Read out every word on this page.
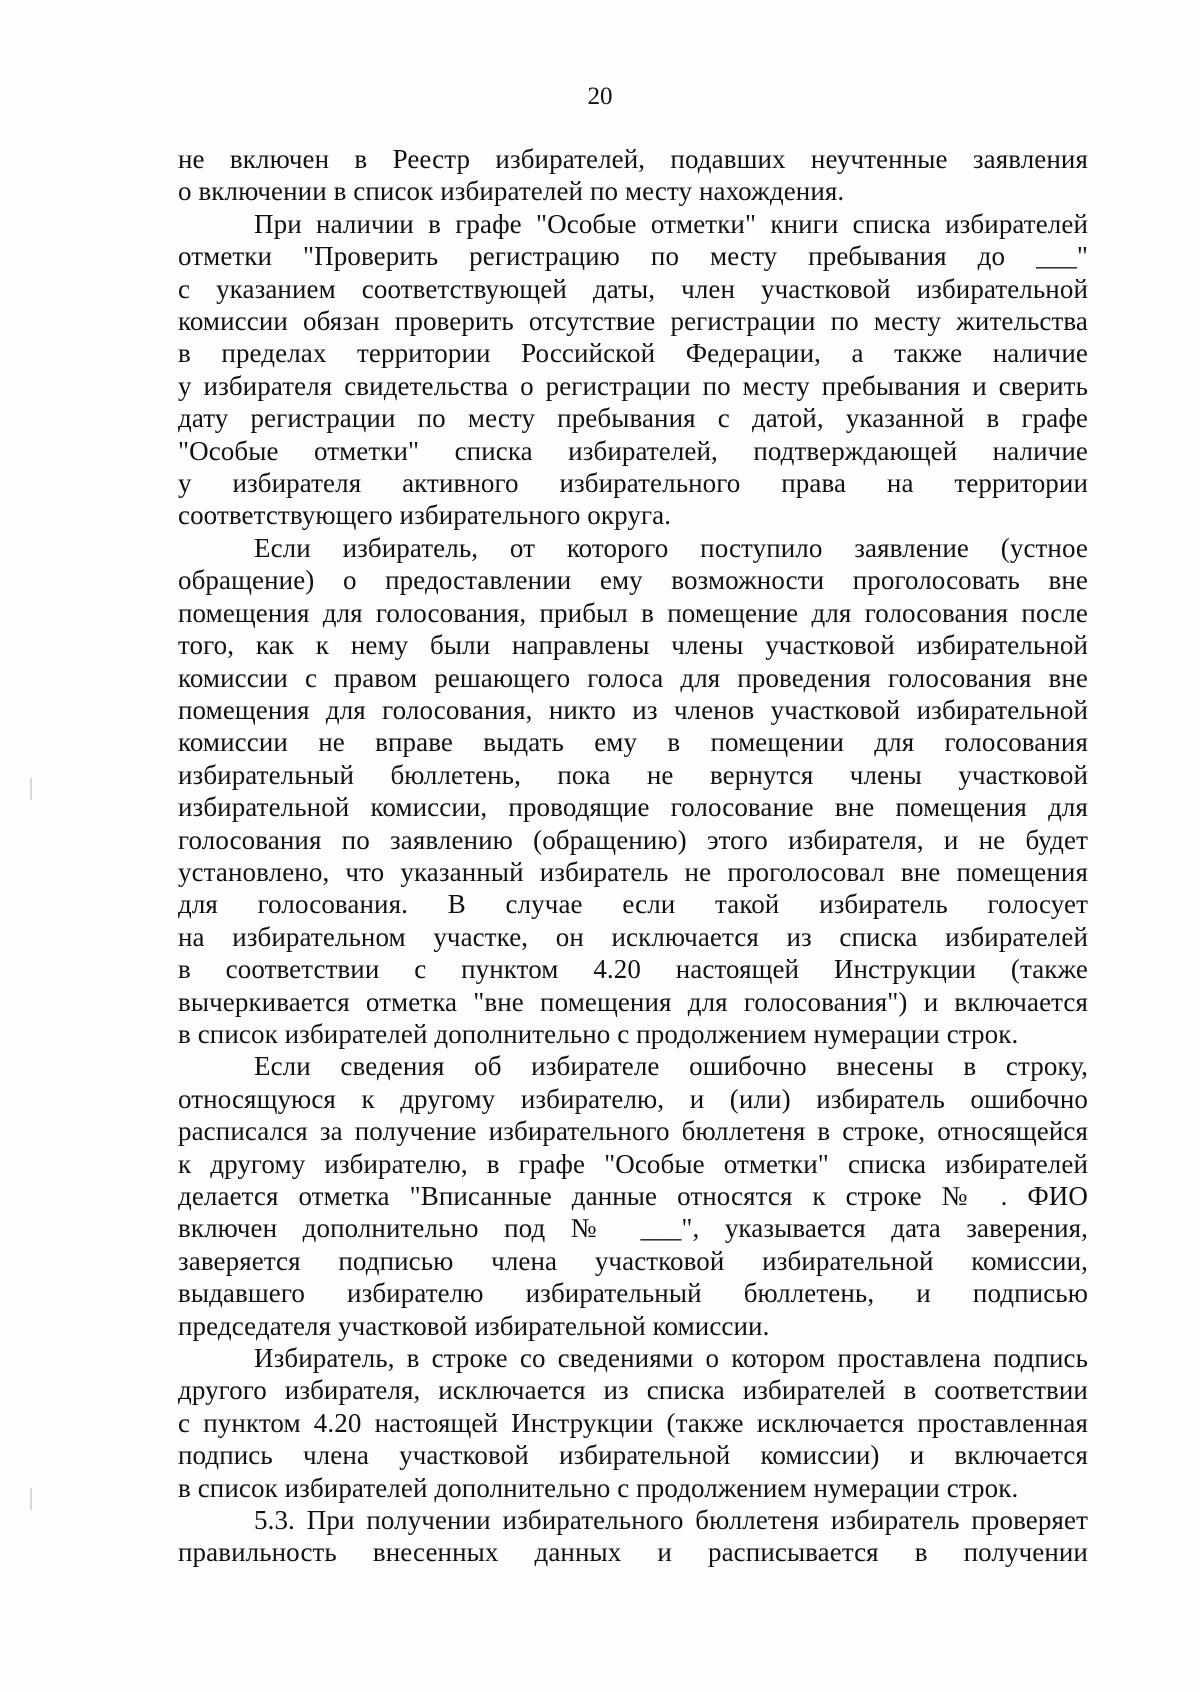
20

не включен в Реестр избирателей, подавших неучтенные заявления
о включении в список избирателей по месту нахождения.

При наличии в графе "Особые отметки" книги списка избирателей
отметки "Проверить регистрацию по месту пребывания до ___"
с указанием соответствующей даты, член участковой избирательной
комиссии обязан проверить отсутствие регистрации по месту жительства
в пределах территории Российской Федерации, а также наличие
у избирателя свидетельства о регистрации по месту пребывания и сверить
дату регистрации по месту пребывания с датой, указанной в графе
"Особые отметки" списка избирателей, подтверждающей наличие
у избирателя активного избирательного права на территории
соответствующего избирательного округа.

Если избиратель, от которого поступило заявление (устное
обращение) о предоставлении ему возможности проголосовать вне
помещения для голосования, прибыл в помещение для голосования после
того, как к нему были направлены члены участковой избирательной
комиссии с правом решающего голоса для проведения голосования вне
помещения для голосования, никто из членов участковой избирательной
комиссии не вправе выдать ему в помещении для голосования
избирательный бюллетень, пока не вернутся члены участковой
избирательной комиссии, проводящие голосование вне помещения для
голосования по заявлению (обращению) этого избирателя, и не будет
установлено, что указанный избиратель не проголосовал вне помещения
для голосования. В случае если такой избиратель голосует
на избирательном участке, он исключается из списка избирателей
в соответствии с пунктом 4.20 настоящей Инструкции (также
вычеркивается отметка "вне помещения для голосования") и включается
в список избирателей дополнительно с продолжением нумерации строк.

Если сведения об избирателе ошибочно внесены в строку,
относящуюся к другому избирателю, и (или) избиратель ошибочно
расписался за получение избирательного бюллетеня в строке, относящейся
к другому избирателю, в графе "Особые отметки" списка избирателей
делается отметка "Вписанные данные относятся к строке № . ФИО
включен дополнительно под № ___", указывается дата заверения,
заверяется подписью члена участковой избирательной комиссии,
выдавшего избирателю избирательный бюллетень, и подписью
председателя участковой избирательной комиссии.

Избиратель, в строке со сведениями о котором проставлена подпись
другого избирателя, исключается из списка избирателей в соответствии
с пунктом 4.20 настоящей Инструкции (также исключается проставленная
подпись члена участковой избирательной комиссии) и включается
в список избирателей дополнительно с продолжением нумерации строк.

5.3. При получении избирательного бюллетеня избиратель проверяет
правильность внесенных данных и расписывается в получении
